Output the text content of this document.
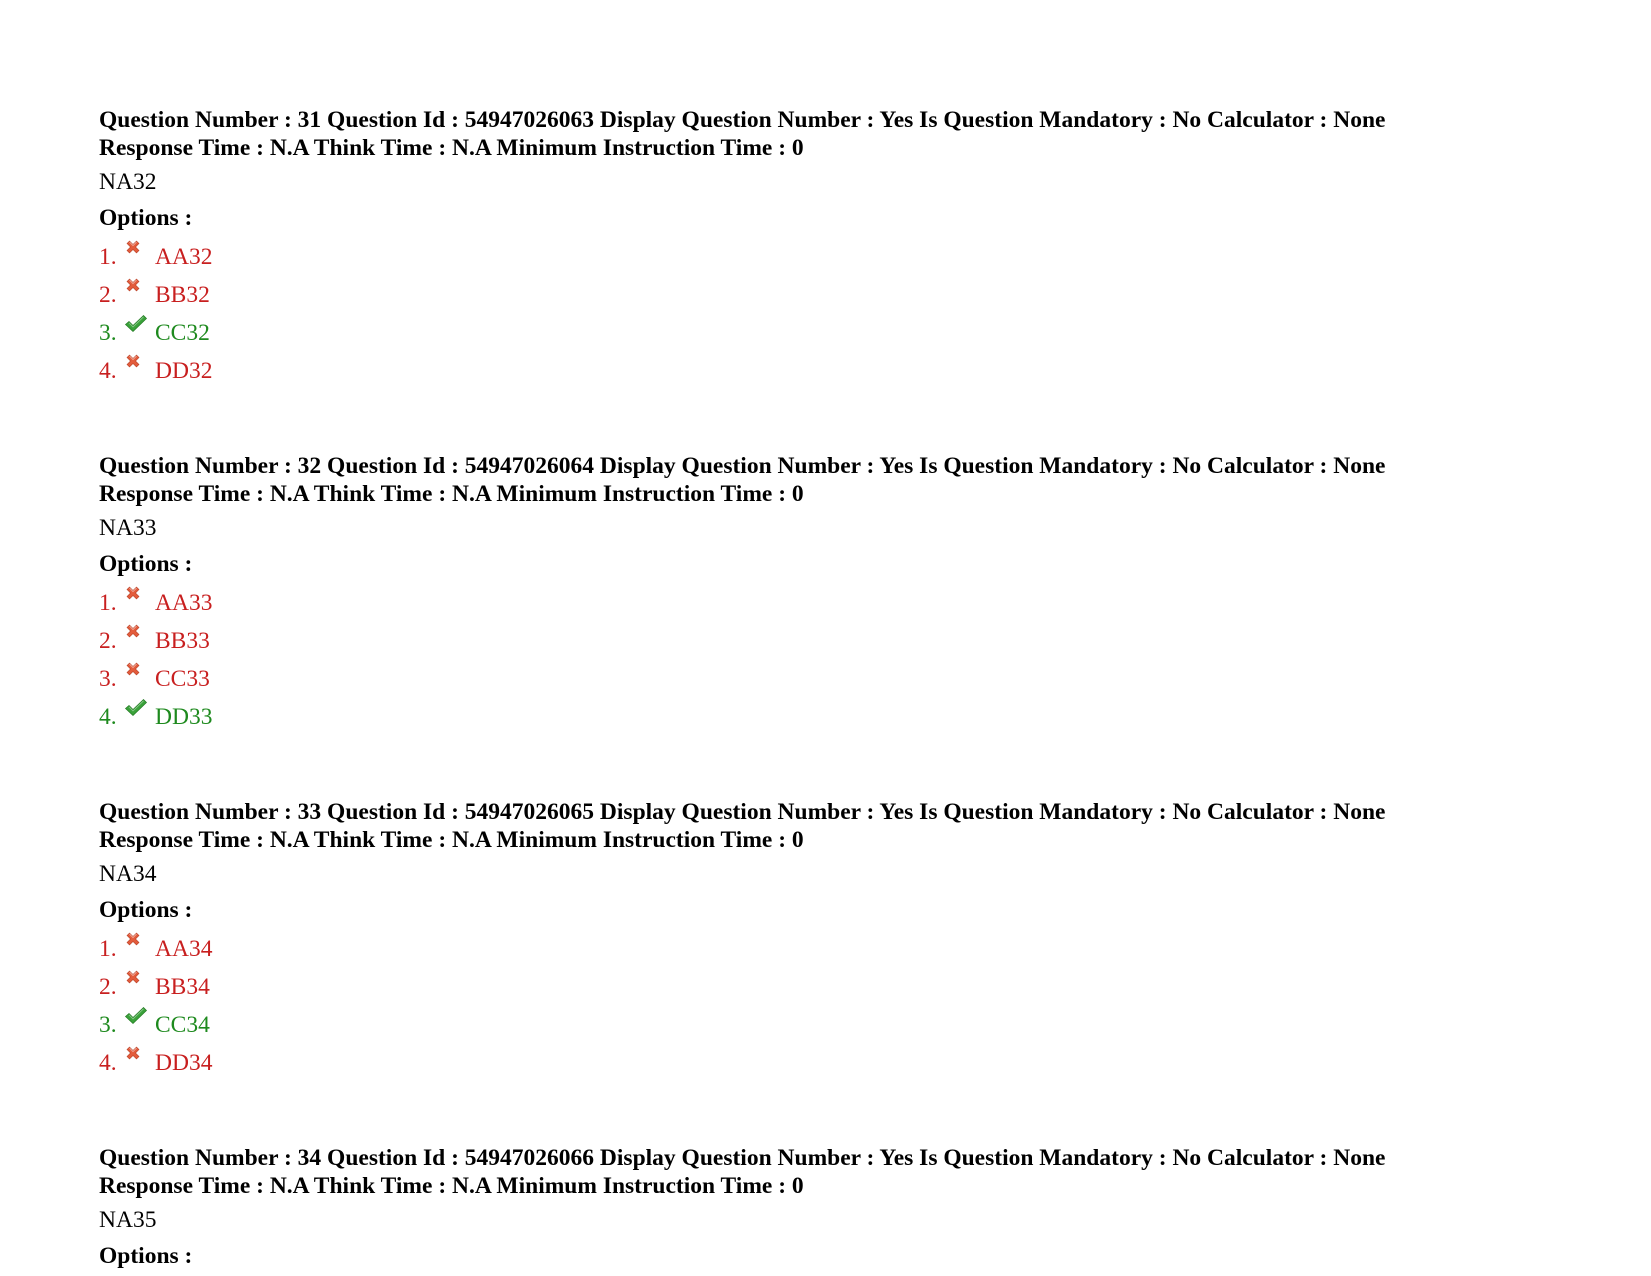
Question Number : 31 Question Id : 54947026063 Display Question Number : Yes Is Question Mandatory : No Calculator : None
Response Time : N.A Think Time : N.A Minimum Instruction Time : 0
NA32
Options :
1.	AA32
2.	BB32
3.	CC32
4.	DD32
Question Number : 32 Question Id : 54947026064 Display Question Number : Yes Is Question Mandatory : No Calculator : None
Response Time : N.A Think Time : N.A Minimum Instruction Time : 0
NA33
Options :
1.	AA33
2.	BB33
3.	CC33
4.	DD33
Question Number : 33 Question Id : 54947026065 Display Question Number : Yes Is Question Mandatory : No Calculator : None
Response Time : N.A Think Time : N.A Minimum Instruction Time : 0
NA34
Options :
1.	AA34
2.	BB34
3.	CC34
4.	DD34
Question Number : 34 Question Id : 54947026066 Display Question Number : Yes Is Question Mandatory : No Calculator : None
Response Time : N.A Think Time : N.A Minimum Instruction Time : 0
NA35
Options :
